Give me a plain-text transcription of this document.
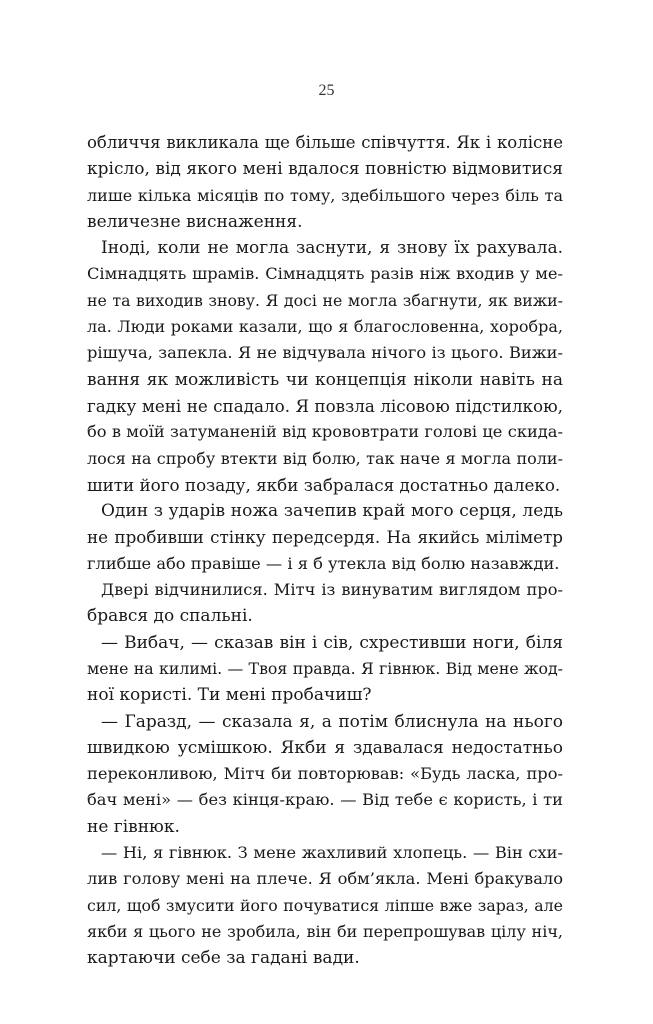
25
обличчя викликала ще більше співчуття. Як і колісне
крісло, від якого мені вдалося повністю відмовитися
лише кілька місяців по тому, здебільшого через біль та
величезне виснаження.
Іноді, коли не могла заснути, я знову їх рахувала.
Сімнадцять шрамів. Сімнадцять разів ніж входив у ме-
не та виходив знову. Я досі не могла збагнути, як вижи-
ла. Люди роками казали, що я благословенна, хоробра,
рішуча, запекла. Я не відчувала нічого із цього. Вижи-
вання як можливість чи концепція ніколи навіть на
гадку мені не спадало. Я повзла лісовою підстилкою,
бо в моїй затуманеній від крововтрати голові це скида-
лося на спробу втекти від болю, так наче я могла поли-
шити його позаду, якби забралася достатньо далеко.
Один з ударів ножа зачепив край мого серця, ледь
не пробивши стінку передсердя. На якийсь міліметр
глибше або правіше — і я б утекла від болю назавжди.
Двері відчинилися. Мітч із винуватим виглядом про-
брався до спальні.
— Вибач, — сказав він і сів, схрестивши ноги, біля
мене на килимі. — Твоя правда. Я гівнюк. Від мене жод-
ної користі. Ти мені пробачиш?
— Гаразд, — сказала я, а потім блиснула на нього
швидкою усмішкою. Якби я здавалася недостатньо
переконливою, Мітч би повторював: «Будь ласка, про-
бач мені» — без кінця-краю. — Від тебе є користь, і ти
не гівнюк.
— Ні, я гівнюк. З мене жахливий хлопець. — Він схи-
лив голову мені на плече. Я обм’якла. Мені бракувало
сил, щоб змусити його почуватися ліпше вже зараз, але
якби я цього не зробила, він би перепрошував цілу ніч,
картаючи себе за гадані вади.
